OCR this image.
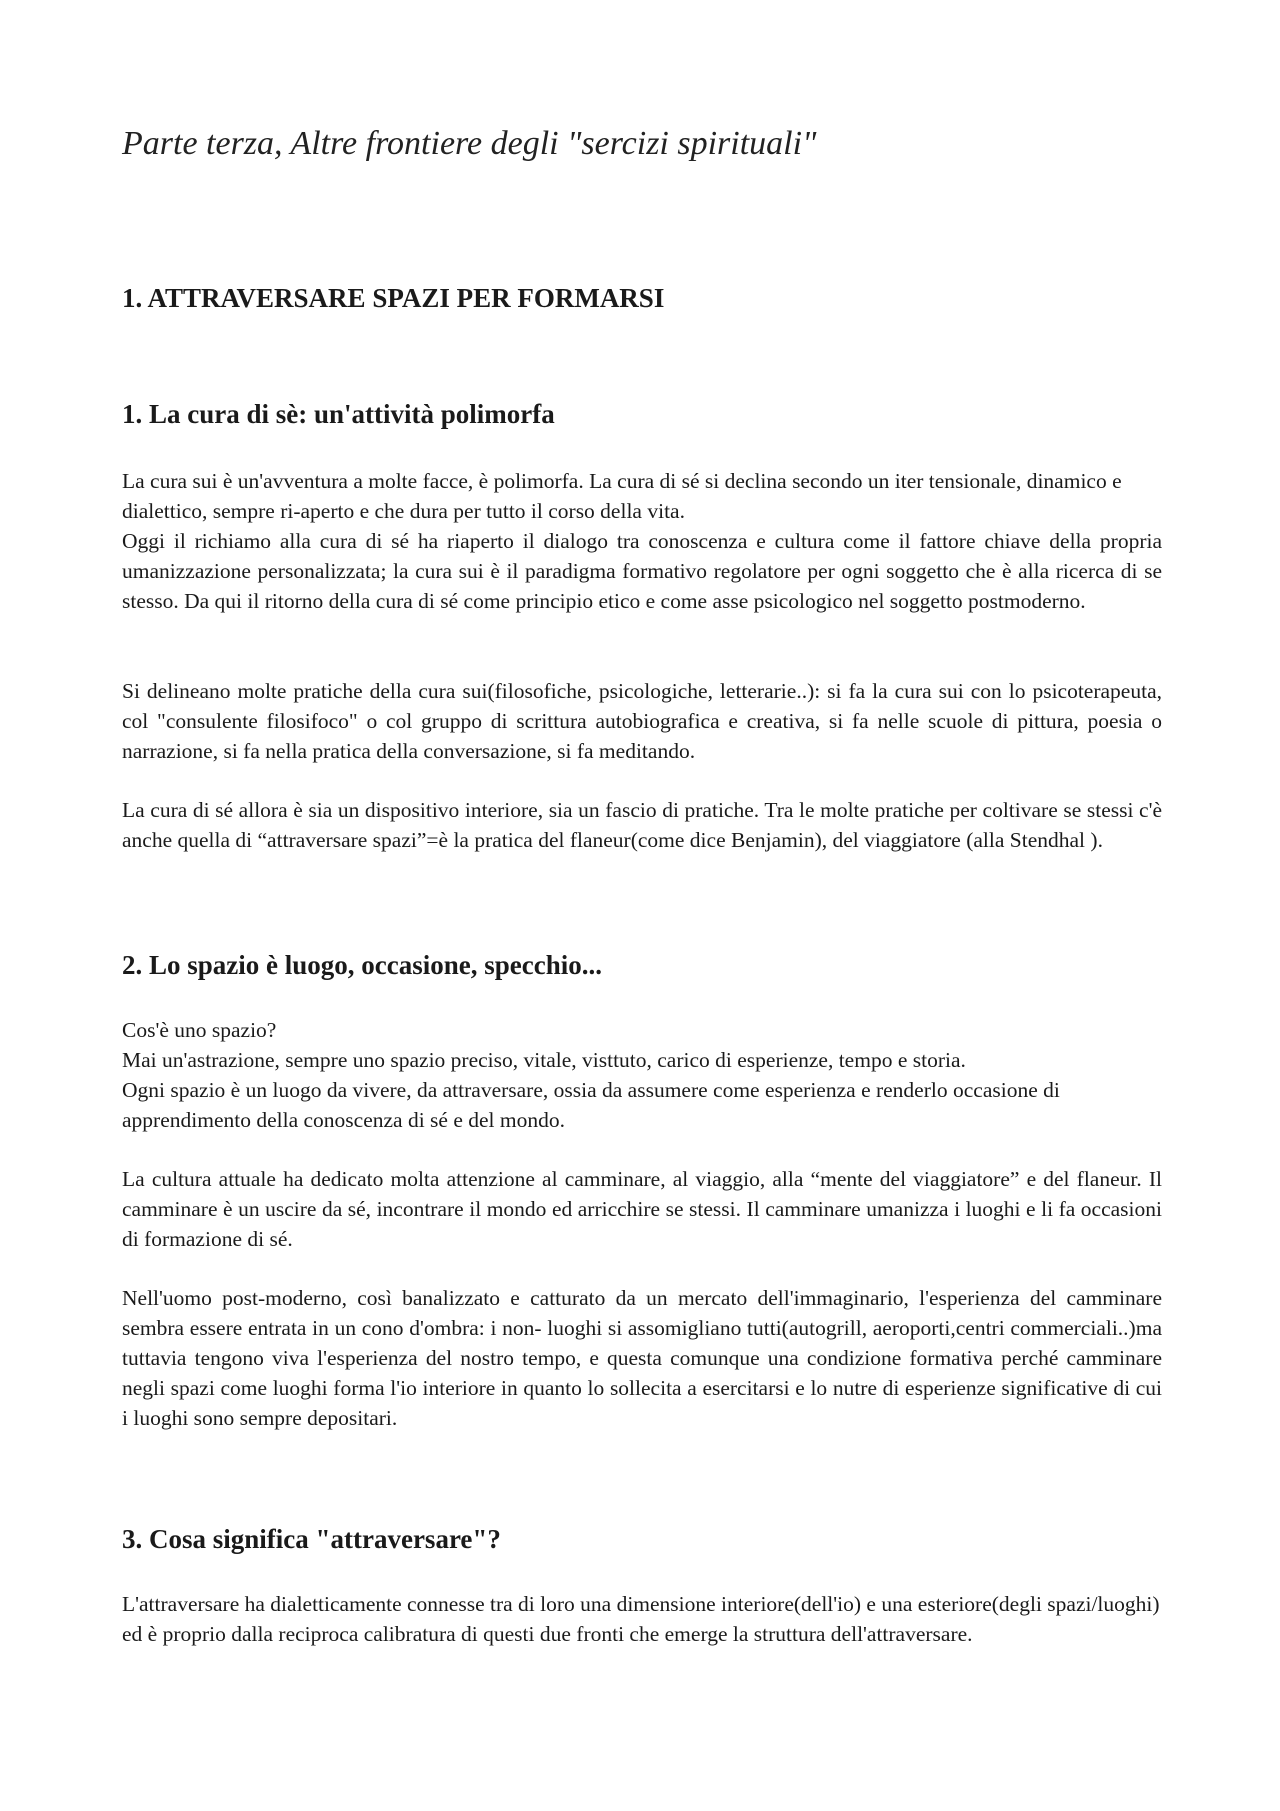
Parte terza, Altre frontiere degli "sercizi spirituali"
1. ATTRAVERSARE SPAZI PER FORMARSI
1. La cura di sè: un'attività polimorfa

La cura sui è un'avventura a molte facce, è polimorfa. La cura di sé si declina secondo un iter tensionale, dinamico e dialettico, sempre ri-aperto e che dura per tutto il corso della vita.

Oggi il richiamo alla cura di sé ha riaperto il dialogo tra conoscenza e cultura come il fattore chiave della propria umanizzazione personalizzata; la cura sui è il paradigma formativo regolatore per ogni soggetto che è alla ricerca di se stesso. Da qui il ritorno della cura di sé come principio etico e come asse psicologico nel soggetto postmoderno.

Si delineano molte pratiche della cura sui(filosofiche, psicologiche, letterarie..): si fa la cura sui con lo psicoterapeuta, col "consulente filosifoco" o col gruppo di scrittura autobiografica e creativa, si fa nelle scuole di pittura, poesia o narrazione, si fa nella pratica della conversazione, si fa meditando.

La cura di sé allora è sia un dispositivo interiore, sia un fascio di pratiche. Tra le molte pratiche per coltivare se stessi c'è anche quella di “attraversare spazi”=è la pratica del flaneur(come dice Benjamin), del viaggiatore (alla Stendhal ).

2. Lo spazio è luogo, occasione, specchio...

Cos'è uno spazio?

Mai un'astrazione, sempre uno spazio preciso, vitale, visttuto, carico di esperienze, tempo e storia.

Ogni spazio è un luogo da vivere, da attraversare, ossia da assumere come esperienza e renderlo occasione di apprendimento della conoscenza di sé e del mondo.

La cultura attuale ha dedicato molta attenzione al camminare, al viaggio, alla “mente del viaggiatore” e del flaneur. Il camminare è un uscire da sé, incontrare il mondo ed arricchire se stessi. Il camminare umanizza i luoghi e li fa occasioni di formazione di sé.

Nell'uomo post-moderno, così banalizzato e catturato da un mercato dell'immaginario, l'esperienza del camminare sembra essere entrata in un cono d'ombra: i non- luoghi si assomigliano tutti(autogrill, aeroporti,centri commerciali..)ma tuttavia tengono viva l'esperienza del nostro tempo, e questa comunque una condizione formativa perché camminare negli spazi come luoghi forma l'io interiore in quanto lo sollecita a esercitarsi e lo nutre di esperienze significative di cui i luoghi sono sempre depositari.

3. Cosa significa "attraversare"?

L'attraversare ha dialetticamente connesse tra di loro una dimensione interiore(dell'io) e una esteriore(degli spazi/luoghi) ed è proprio dalla reciproca calibratura di questi due fronti che emerge la struttura dell'attraversare.
